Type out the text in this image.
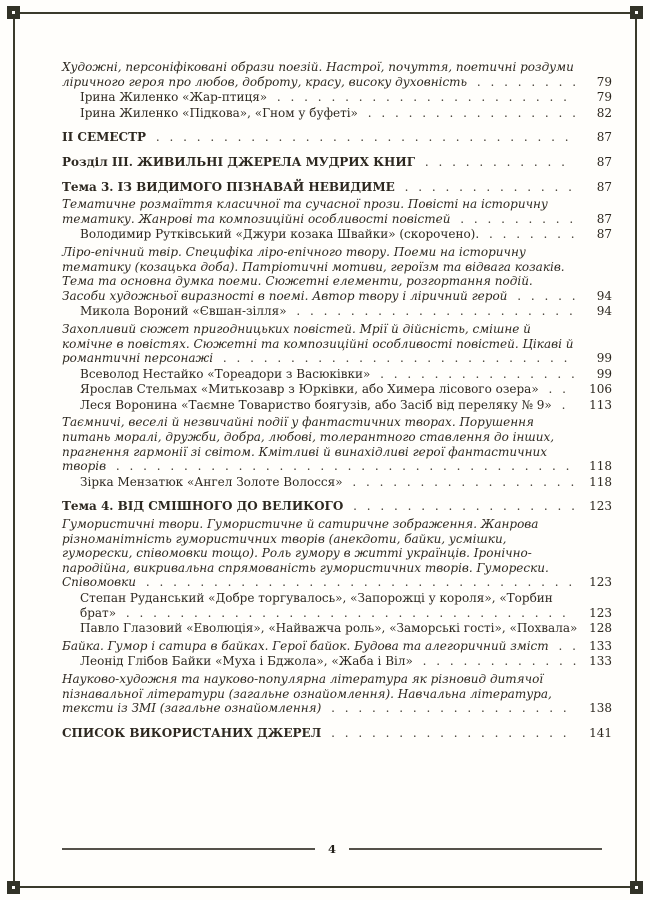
Художні, персоніфіковані образи поезій. Настрої, почуття, поетичні роздуми ліричного героя про любов, доброту, красу, високу духовність . . . . . . . .	79
Ірина Жиленко «Жар-птиця» . . . . . . . . . . . . . . . . . . . . . .	79
Ірина Жиленко «Підкова», «Гном у буфеті» . . . . . . . . . . . . . . . .	82
ІІ СЕМЕСТР . . . . . . . . . . . . . . . . . . . . . . . . . . . . . . .	87
Розділ ІІІ. ЖИВИЛЬНІ ДЖЕРЕЛА МУДРИХ КНИГ . . . . . . . . . . .	87
Тема 3. ІЗ ВИДИМОГО ПІЗНАВАЙ НЕВИДИМЕ . . . . . . . . . . . . .	87
Тематичне розмаїття класичної та сучасної прози. Повісті на історичну тематику. Жанрові та композиційні особливості повістей . . . . . . . . .	87
Володимир Рутківський «Джури козака Швайки» (скорочено). . . . . . . .	87
Ліро-епічний твір. Специфіка ліро-епічного твору. Поеми на історичну тематику (козацька доба). Патріотичні мотиви, героїзм та відвага козаків. Тема та основна думка поеми. Сюжетні елементи, розгортання подій. Засоби художньої виразності в поемі. Автор твору і ліричний герой . . . . .	94
Микола Вороний «Євшан-зілля» . . . . . . . . . . . . . . . . . . . . .	94
Захопливий сюжет пригодницьких повістей. Мрії й дійсність, смішне й комічне в повістях. Сюжетні та композиційні особливості повістей. Цікаві й романтичні персонажі . . . . . . . . . . . . . . . . . . . . . . . . . .	99
Всеволод Нестайко «Тореадори з Васюківки» . . . . . . . . . . . . . . .	99
Ярослав Стельмах «Митькозавр з Юрківки, або Химера лісового озера» . .	106
Леся Воронина «Таємне Товариство боягузів, або Засіб від переляку № 9» .	113
Таємничі, веселі й незвичайні події у фантастичних творах. Порушення питань моралі, дружби, добра, любові, толерантного ставлення до інших, прагнення гармонії зі світом. Кмітливі й винахідливі герої фантастичних творів . . . . . . . . . . . . . . . . . . . . . . . . . . . . . . . . . .	118
Зірка Мензатюк «Ангел Золоте Волосся» . . . . . . . . . . . . . . . . . 118
Тема 4. ВІД СМІШНОГО ДО ВЕЛИКОГО . . . . . . . . . . . . . . . . . 123
Гумористичні твори. Гумористичне й сатиричне зображення. Жанрова різноманітність гумористичних творів (анекдоти, байки, усмішки, гуморески, співомовки тощо). Роль гумору в житті українців. Іронічно-пародійна, викривальна спрямованість гумористичних творів. Гуморески. Співомовки . . . . . . . . . . . . . . . . . . . . . . . . . . . . . . . .	123
Степан Руданський «Добре торгувалось», «Запорожці у короля», «Торбин брат» . . . . . . . . . . . . . . . . . . . . . . . . . . . . . . . . .	123
Павло Глазовий «Еволюція», «Найважча роль», «Заморські гості», «Похвала» 128
Байка. Гумор і сатира в байках. Герої байок. Будова та алегоричний зміст . . 133
Леонід Глібов Байки «Муха і Бджола», «Жаба і Віл» . . . . . . . . . . . . 133
Науково-художня та науково-популярна література як різновид дитячої пізнавальної літератури (загальне ознайомлення). Навчальна література, тексти із ЗМІ (загальне ознайомлення) . . . . . . . . . . . . . . . . . .	138
СПИСОК ВИКОРИСТАНИХ ДЖЕРЕЛ . . . . . . . . . . . . . . . . . .	141
4
